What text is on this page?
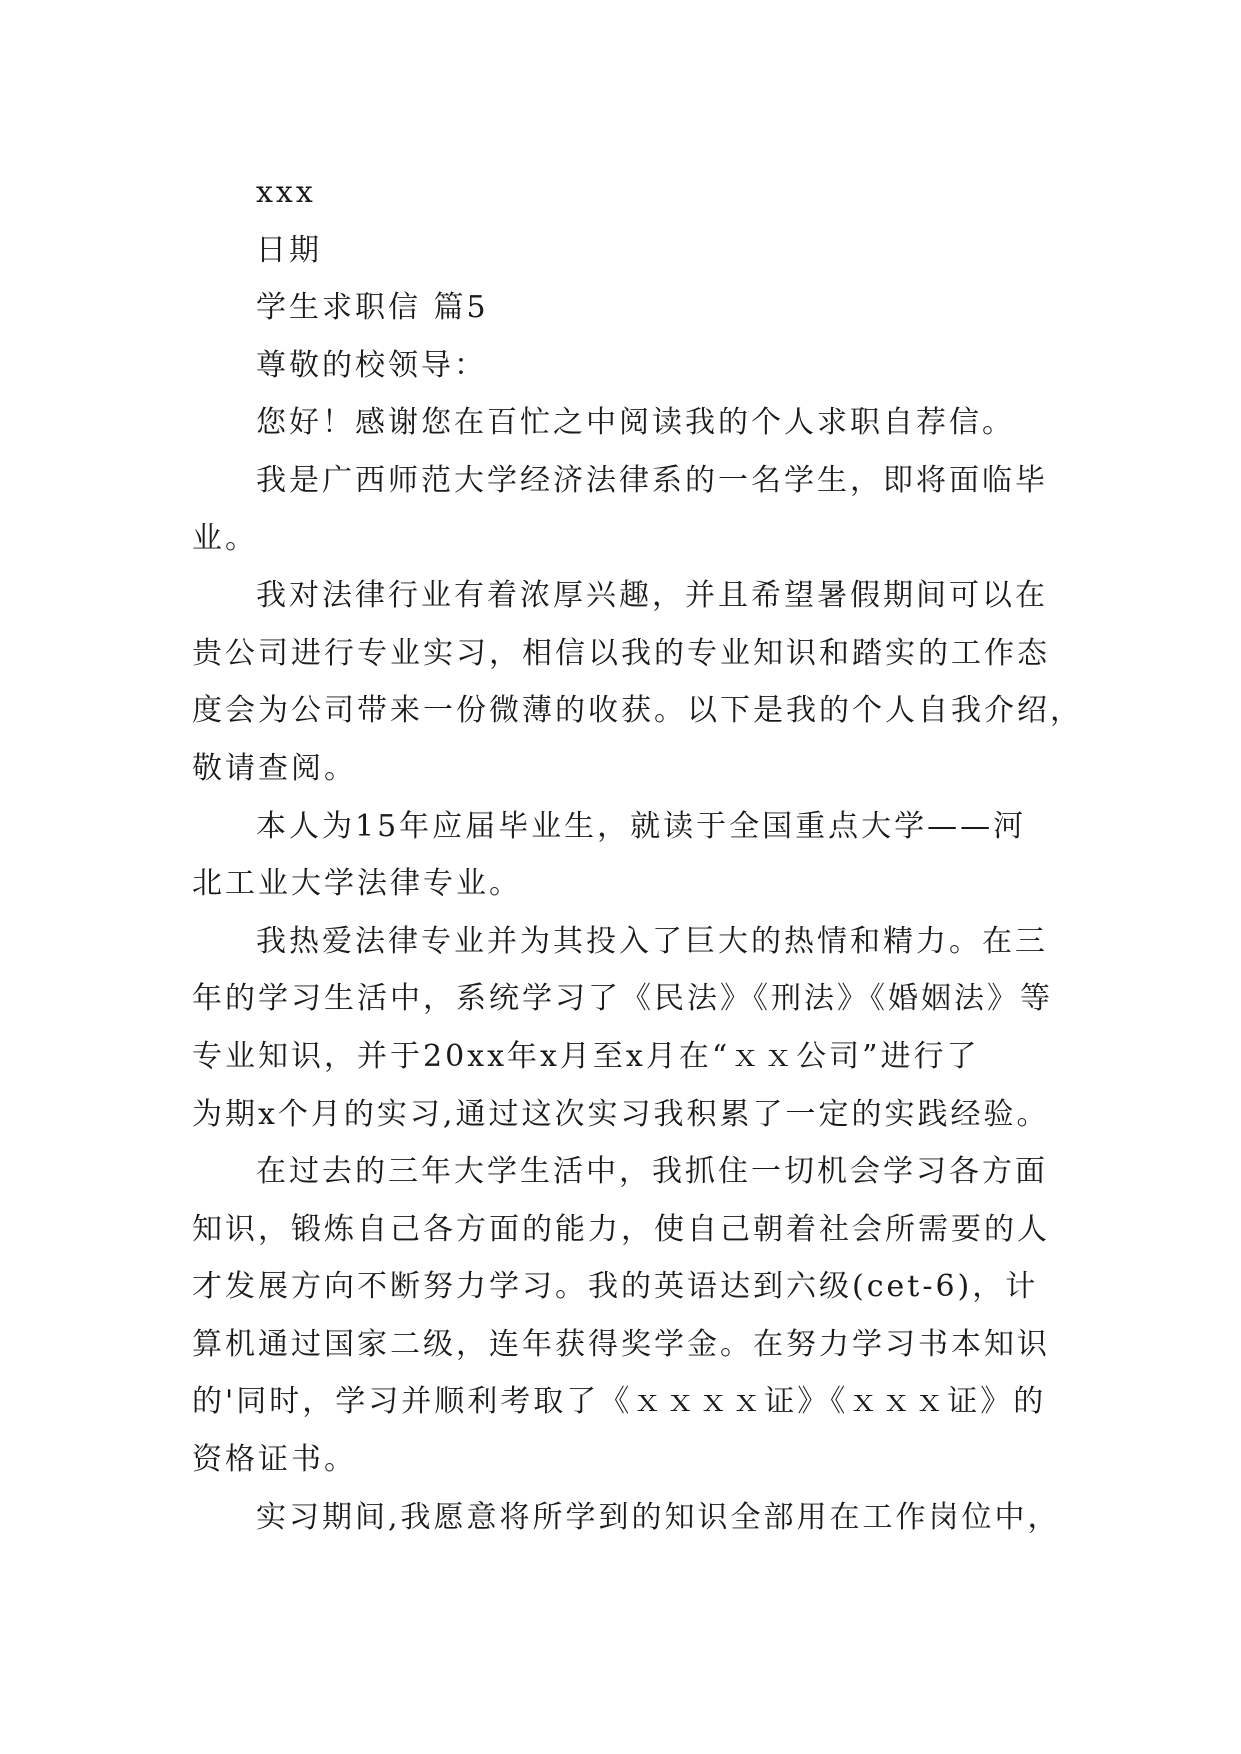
xxx

日期

学生求职信 篇5

尊敬的校领导：

您好！感谢您在百忙之中阅读我的个人求职自荐信。

我是广西师范大学经济法律系的一名学生，即将面临毕
业。
我对法律行业有着浓厚兴趣，并且希望暑假期间可以在
贵公司进行专业实习，相信以我的专业知识和踏实的工作态
度会为公司带来一份微薄的收获。以下是我的个人自我介绍，
敬请查阅。
本人为15年应届毕业生，就读于全国重点大学——河
北工业大学法律专业。
我热爱法律专业并为其投入了巨大的热情和精力。在三
年的学习生活中，系统学习了《民法》《刑法》《婚姻法》等
专业知识，并于20xx年x月至x月在“ｘｘ公司”进行了
为期x个月的实习,通过这次实习我积累了一定的实践经验。
在过去的三年大学生活中，我抓住一切机会学习各方面
知识，锻炼自己各方面的能力，使自己朝着社会所需要的人
才发展方向不断努力学习。我的英语达到六级(cet-6)，计
算机通过国家二级，连年获得奖学金。在努力学习书本知识
的'同时，学习并顺利考取了《ｘｘｘｘ证》《ｘｘｘ证》的
资格证书。
实习期间,我愿意将所学到的知识全部用在工作岗位中，
